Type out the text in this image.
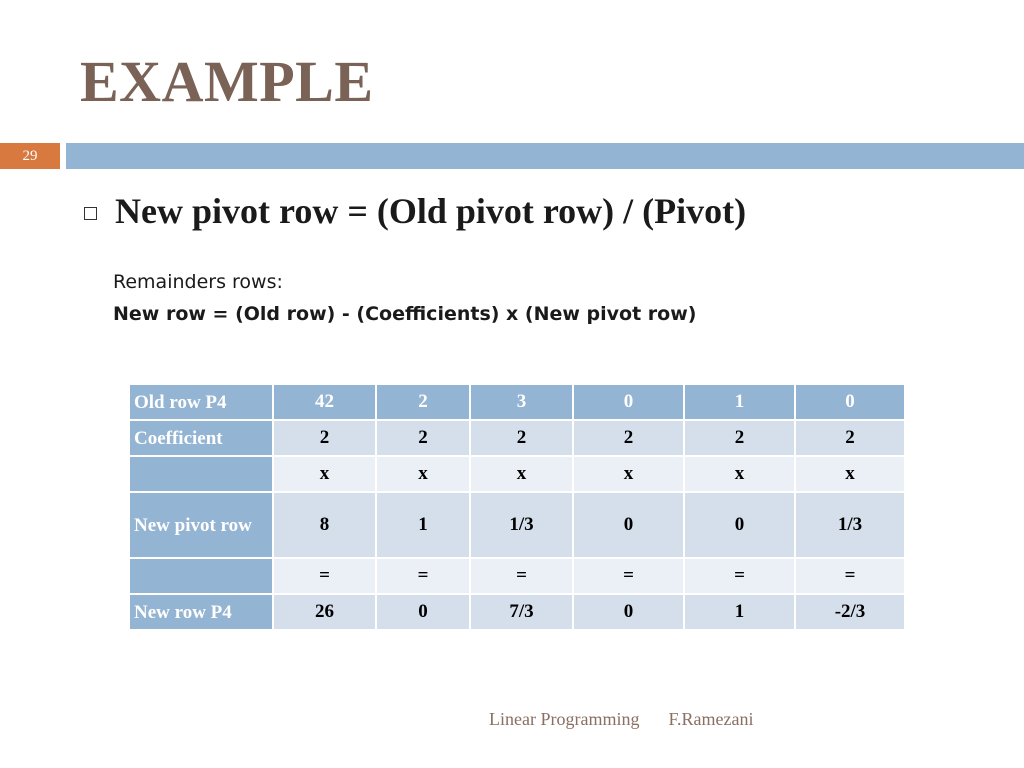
EXAMPLE
29
New pivot row = (Old pivot row) / (Pivot)
Remainders rows:
New row = (Old row) - (Coefficients) x (New pivot row)
Old row P4	42	2	3	0	1	0
Coefficient	2	2	2	2	2	2
	x	x	x	x	x	x
New pivot row	8	1	1/3	0	0	1/3
	=	=	=	=	=	=
New row P4	26	0	7/3	0	1	-2/3
Linear Programming F.Ramezani
